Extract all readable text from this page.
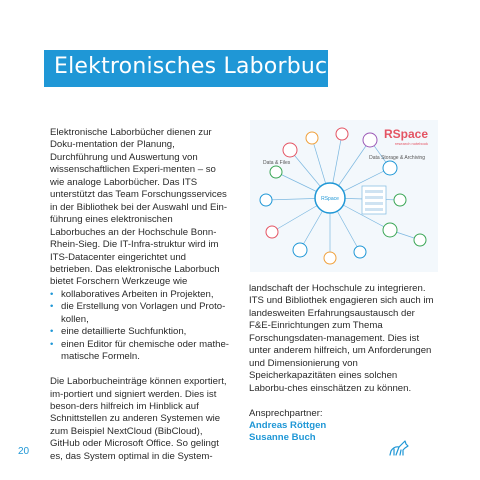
Elektronisches Laborbuch

Elektronische Laborbücher dienen zur Doku-mentation der Planung, Durchführung und Auswertung von wissenschaftlichen Experi-menten – so wie analoge Laborbücher. Das ITS unterstützt das Team Forschungsservices in der Bibliothek bei der Auswahl und Ein-führung eines elektronischen Laborbuches an der Hochschule Bonn-Rhein-Sieg. Die IT-Infra-struktur wird im ITS-Datacenter eingerichtet und betrieben. Das elektronische Laborbuch bietet Forschern Werkzeuge wie

• kollaboratives Arbeiten in Projekten,
• die Erstellung von Vorlagen und Proto-kollen,
• eine detaillierte Suchfunktion,
• einen Editor für chemische oder mathe-matische Formeln.

Die Laborbucheinträge können exportiert, im-portiert und signiert werden. Dies ist beson-ders hilfreich im Hinblick auf Schnittstellen zu anderen Systemen wie zum Beispiel NextCloud (BibCloud), GitHub oder Microsoft Office. So gelingt es, das System optimal in die System-

RSpace
RSpace
research notebook
Data & Files
Data Storage & Archiving

landschaft der Hochschule zu integrieren. ITS und Bibliothek engagieren sich auch im landesweiten Erfahrungsaustausch der F&E-Einrichtungen zum Thema Forschungsdaten-management. Dies ist unter anderem hilfreich, um Anforderungen und Dimensionierung von Speicherkapazitäten eines solchen Laborbu-ches einschätzen zu können.

Ansprechpartner:
Andreas Röttgen
Susanne Buch
20
